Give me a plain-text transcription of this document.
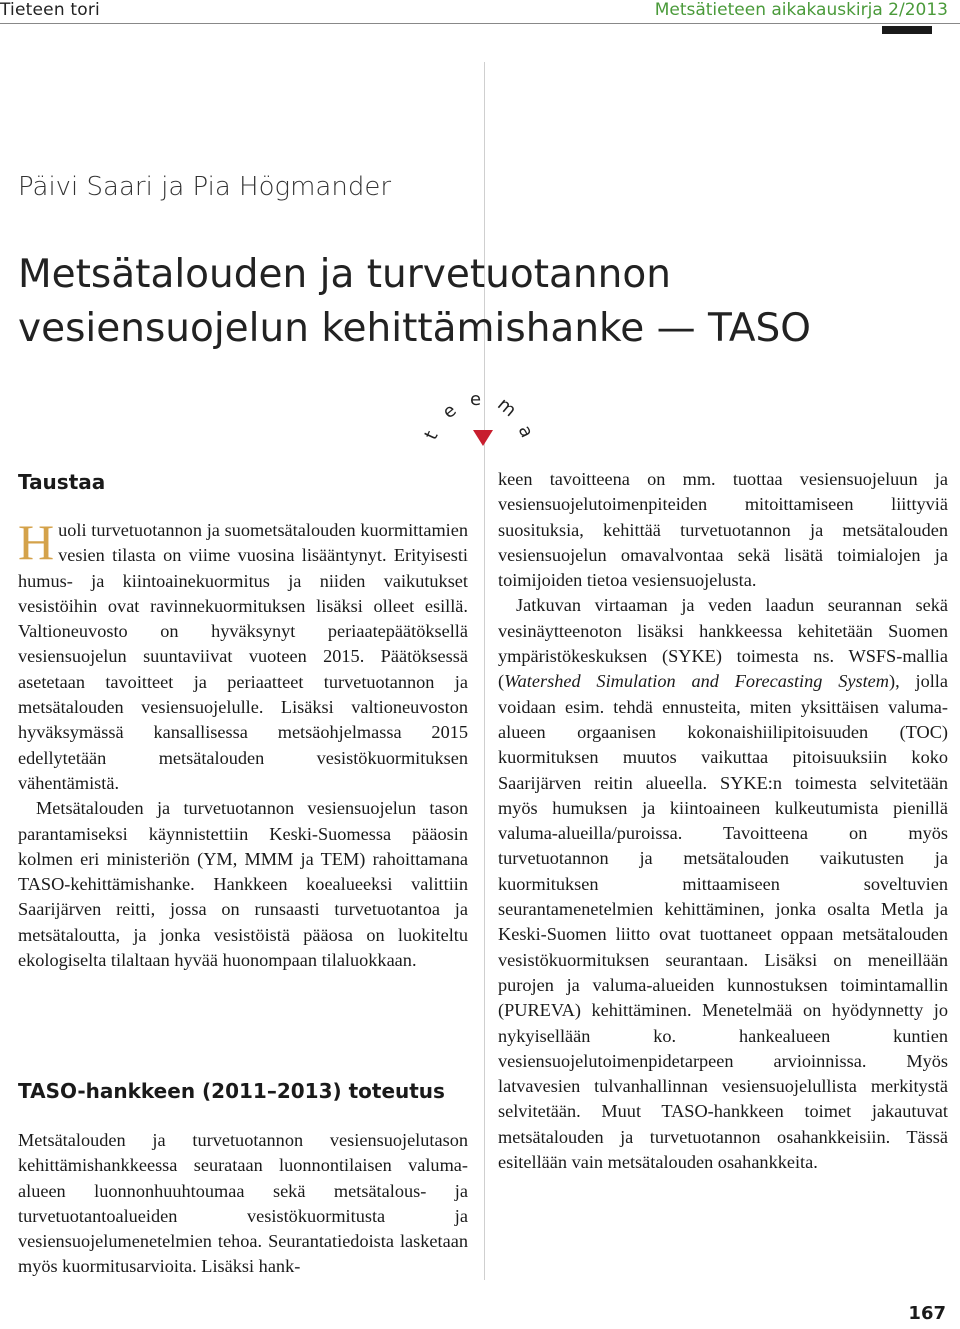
Tieteen tori	Metsätieteen aikakauskirja 2/2013
Päivi Saari ja Pia Högmander
Metsätalouden ja turvetuotannon
vesiensuojelun kehittämishanke — TASO
t
e
e m
a
Taustaa

Huoli turvetuotannon ja suometsätalouden kuormittamien vesien tilasta on viime vuosina lisääntynyt. Erityisesti humus- ja kiintoainekuormitus ja niiden vaikutukset vesistöihin ovat ravinnekuormituksen lisäksi olleet esillä. Valtioneuvosto on hyväksynyt periaatepäätöksellä vesiensuojelun suuntaviivat vuoteen 2015. Päätöksessä asetetaan tavoitteet ja periaatteet turvetuotannon ja metsätalouden vesiensuojelulle. Lisäksi valtioneuvoston hyväksymässä kansallisessa metsäohjelmassa 2015 edellytetään metsätalouden vesistökuormituksen vähentämistä.

Metsätalouden ja turvetuotannon vesiensuojelun tason parantamiseksi käynnistettiin Keski-Suomessa pääosin kolmen eri ministeriön (YM, MMM ja TEM) rahoittamana TASO-kehittämishanke. Hankkeen koealueeksi valittiin Saarijärven reitti, jossa on runsaasti turvetuotantoa ja metsätaloutta, ja jonka vesistöistä pääosa on luokiteltu ekologiselta tilaltaan hyvää huonompaan tilaluokkaan.

TASO-hankkeen (2011–2013) toteutus

Metsätalouden ja turvetuotannon vesiensuojelutason kehittämishankkeessa seurataan luonnontilaisen valuma-alueen luonnonhuuhtoumaa sekä metsätalous- ja turvetuotantoalueiden vesistökuormitusta ja vesiensuojelumenetelmien tehoa. Seurantatiedoista lasketaan myös kuormitusarvioita. Lisäksi hank-

keen tavoitteena on mm. tuottaa vesiensuojeluun ja vesiensuojelutoimenpiteiden mitoittamiseen liittyviä suosituksia, kehittää turvetuotannon ja metsätalouden vesiensuojelun omavalvontaa sekä lisätä toimialojen ja toimijoiden tietoa vesiensuojelusta.

Jatkuvan virtaaman ja veden laadun seurannan sekä vesinäytteenoton lisäksi hankkeessa kehitetään Suomen ympäristökeskuksen (SYKE) toimesta ns. WSFS-mallia (Watershed Simulation and Forecasting System), jolla voidaan esim. tehdä ennusteita, miten yksittäisen valuma-alueen orgaanisen kokonaishiilipitoisuuden (TOC) kuormituksen muutos vaikuttaa pitoisuuksiin koko Saarijärven reitin alueella. SYKE:n toimesta selvitetään myös humuksen ja kiintoaineen kulkeutumista pienillä valuma-alueilla/puroissa. Tavoitteena on myös turvetuotannon ja metsätalouden vaikutusten ja kuormituksen mittaamiseen soveltuvien seurantamenetelmien kehittäminen, jonka osalta Metla ja Keski-Suomen liitto ovat tuottaneet oppaan metsätalouden vesistökuormituksen seurantaan. Lisäksi on meneillään purojen ja valuma-alueiden kunnostuksen toimintamallin (PUREVA) kehittäminen. Menetelmää on hyödynnetty jo nykyisellään ko. hankealueen kuntien vesiensuojelutoimenpidetarpeen arvioinnissa. Myös latvavesien tulvanhallinnan vesiensuojelullista merkitystä selvitetään. Muut TASO-hankkeen toimet jakautuvat metsätalouden ja turvetuotannon osahankkeisiin. Tässä esitellään vain metsätalouden osahankkeita.

167
